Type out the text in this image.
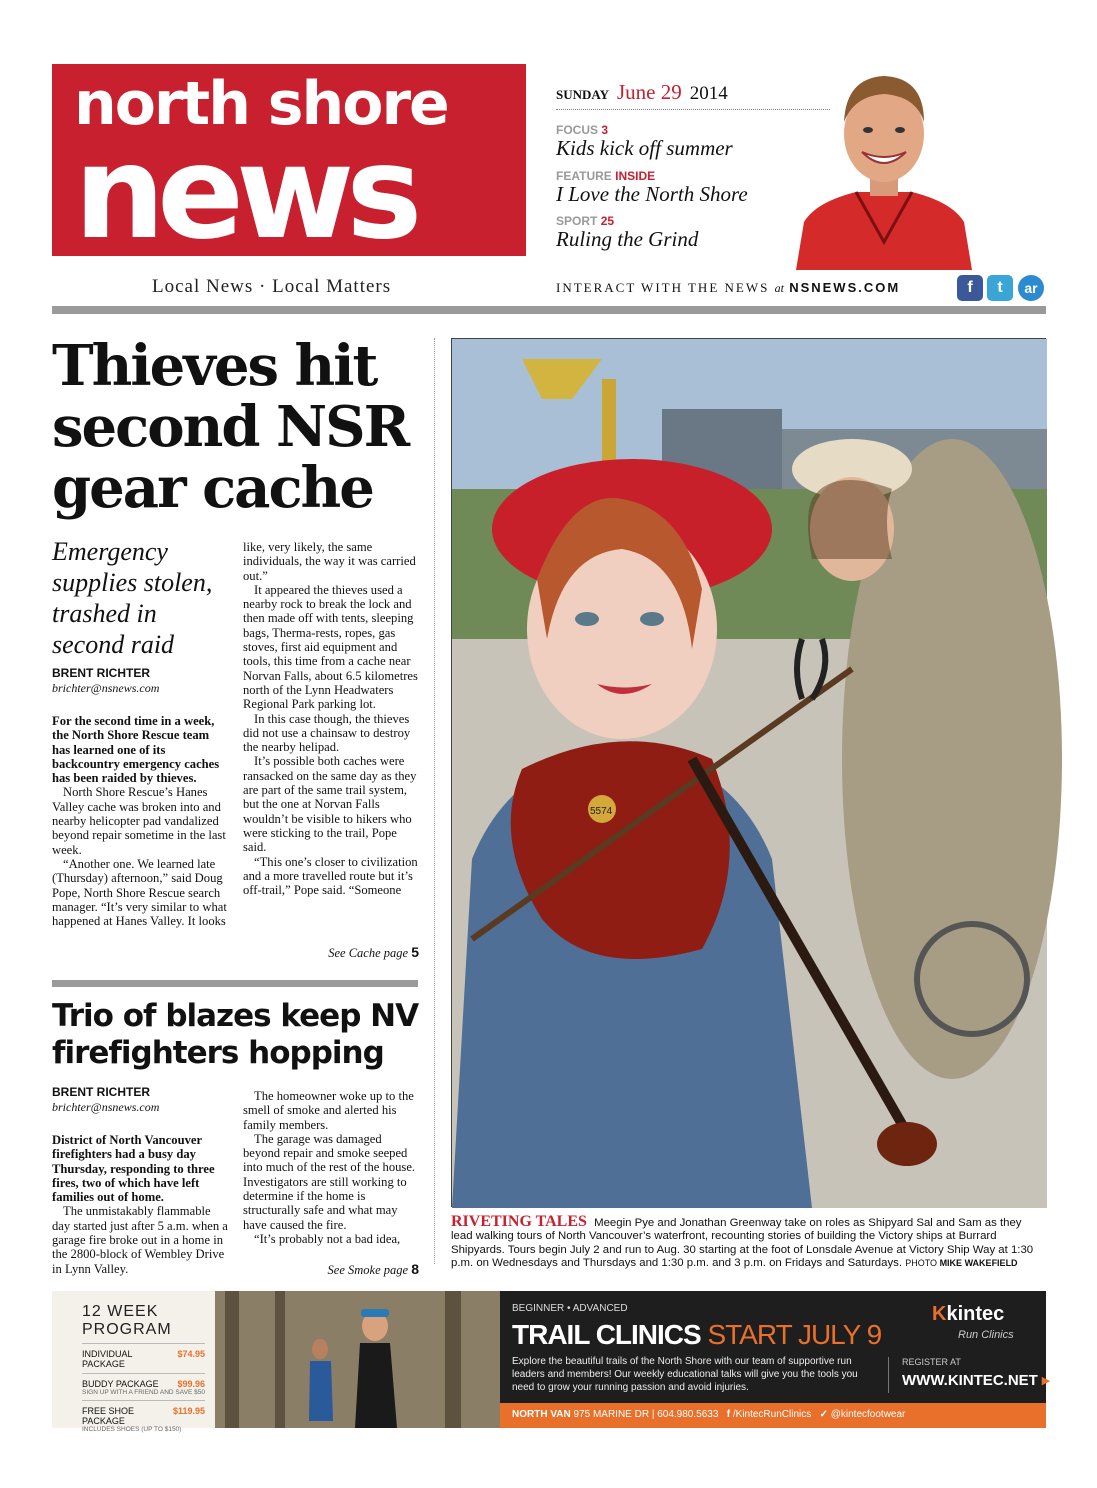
north shore
news
SUNDAY June 29 2014
FOCUS 3
Kids kick off summer
FEATURE INSIDE
I Love the North Shore
SPORT 25
Ruling the Grind
Local News · Local Matters	INTERACT WITH THE NEWS at NSNEWS.COM	f	t	ar
Thieves hit second NSR gear cache
Emergency supplies stolen, trashed in second raid
BRENT RICHTER
brichter@nsnews.com

For the second time in a week, the North Shore Rescue team has learned one of its backcountry emergency caches has been raided by thieves.

North Shore Rescue’s Hanes Valley cache was broken into and nearby helicopter pad vandalized beyond repair sometime in the last week.

“Another one. We learned late (Thursday) afternoon,” said Doug Pope, North Shore Rescue search manager. “It’s very similar to what happened at Hanes Valley. It looks

like, very likely, the same individuals, the way it was carried out.”

It appeared the thieves used a nearby rock to break the lock and then made off with tents, sleeping bags, Therma-rests, ropes, gas stoves, first aid equipment and tools, this time from a cache near Norvan Falls, about 6.5 kilometres north of the Lynn Headwaters Regional Park parking lot.

In this case though, the thieves did not use a chainsaw to destroy the nearby helipad.

It’s possible both caches were ransacked on the same day as they are part of the same trail system, but the one at Norvan Falls wouldn’t be visible to hikers who were sticking to the trail, Pope said.

“This one’s closer to civilization and a more travelled route but it’s off-trail,” Pope said. “Someone

See Cache page 5
Trio of blazes keep NV firefighters hopping
BRENT RICHTER
brichter@nsnews.com

District of North Vancouver firefighters had a busy day Thursday, responding to three fires, two of which have left families out of home.

The unmistakably flammable day started just after 5 a.m. when a garage fire broke out in a home in the 2800-block of Wembley Drive in Lynn Valley.

The homeowner woke up to the smell of smoke and alerted his family members.

The garage was damaged beyond repair and smoke seeped into much of the rest of the house. Investigators are still working to determine if the home is structurally safe and what may have caused the fire.

“It’s probably not a bad idea,

See Smoke page 8
5574
RIVETING TALES Meegin Pye and Jonathan Greenway take on roles as Shipyard Sal and Sam as they lead walking tours of North Vancouver’s waterfront, recounting stories of building the Victory ships at Burrard Shipyards. Tours begin July 2 and run to Aug. 30 starting at the foot of Lonsdale Avenue at Victory Ship Way at 1:30 p.m. on Wednesdays and Thursdays and 1:30 p.m. and 3 p.m. on Fridays and Saturdays. PHOTO MIKE WAKEFIELD
12 WEEK PROGRAM
INDIVIDUAL PACKAGE
$74.95
BUDDY PACKAGE $99.96
SIGN UP WITH A FRIEND AND SAVE $50
FREE SHOE PACKAGE
$119.95
INCLUDES SHOES (UP TO $150)
BEGINNER • ADVANCED
TRAIL CLINICS START JULY 9
Explore the beautiful trails of the North Shore with our team of supportive run leaders and members! Our weekly educational talks will give you the tools you need to grow your running passion and avoid injuries.
Kkintec
Run Clinics
REGISTER AT
WWW.KINTEC.NET ▸
NORTH VAN 975 MARINE DR | 604.980.5633 f /KintecRunClinics ✓ @kintecfootwear
